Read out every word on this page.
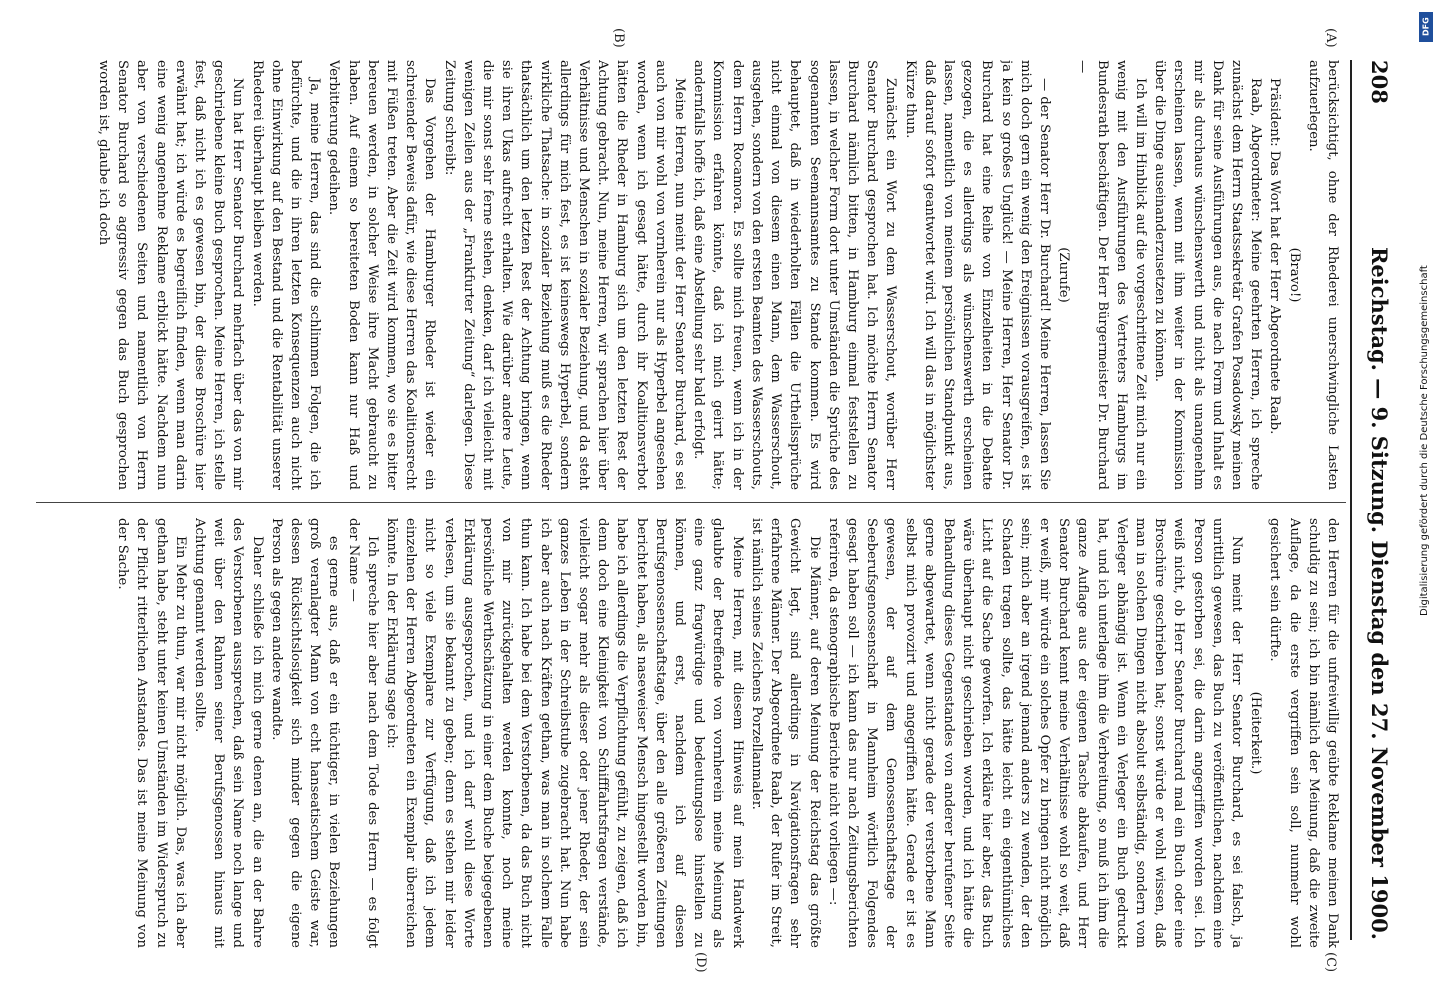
208
Reichstag. — 9. Sitzung. Dienstag den 27. November 1900.
(A)
(B)
(C)
(D)

berücksichtigt, ohne der Rhederei unerschwingliche Lasten aufzuerlegen.

(Bravo!)

Präsident: Das Wort hat der Herr Abgeordnete Raab.

Raab, Abgeordneter: Meine geehrten Herren, ich spreche zunächst dem Herrn Staatssekretär Grafen Posadowsky meinen Dank für seine Ausführungen aus, die nach Form und Inhalt es mir als durchaus wünschenswerth und nicht als unangenehm erscheinen lassen, wenn mit ihm weiter in der Kommission über die Dinge auseinanderzusetzen zu können.

Ich will im Hinblick auf die vorgeschrittene Zeit mich nur ein wenig mit den Ausführungen des Vertreters Hamburgs im Bundesrath beschäftigen. Der Herr Bürgermeister Dr. Burchard —

(Zurufe)

— der Senator Herr Dr. Burchard! Meine Herren, lassen Sie mich doch gern ein wenig den Ereignissen vorausgreifen, es ist ja kein so großes Unglück! — Meine Herren, Herr Senator Dr. Burchard hat eine Reihe von Einzelheiten in die Debatte gezogen, die es allerdings als wünschenswerth erscheinen lassen, namentlich von meinem persönlichen Standpunkt aus, daß darauf sofort geantwortet wird. Ich will das in möglichster Kürze thun.

Zunächst ein Wort zu dem Wasserschout, worüber Herr Senator Burchard gesprochen hat. Ich möchte Herrn Senator Burchard nämlich bitten, in Hamburg einmal feststellen zu lassen, in welcher Form dort unter Umständen die Sprüche des sogenannten Seemannsamtes zu Stande kommen. Es wird behauptet, daß in wiederholten Fällen die Urtheilssprüche nicht einmal von diesem einen Mann, dem Wasserschout, ausgehen, sondern von den ersten Beamten des Wasserschouts, dem Herrn Rocamora. Es sollte mich freuen, wenn ich in der Kommission erfahren könnte, daß ich mich geirrt hätte; andernfalls hoffe ich, daß eine Abstellung sehr bald erfolgt.

Meine Herren, nun meint der Herr Senator Burchard, es sei auch von mir wohl von vornherein nur als Hyperbel angesehen worden, wenn ich gesagt hätte, durch ihr Koalitionsverbot hätten die Rheder in Hamburg sich um den letzten Rest der Achtung gebracht. Nun, meine Herren, wir sprachen hier über Verhältnisse und Menschen in sozialer Beziehung, und da steht allerdings für mich fest, es ist keineswegs Hyperbel, sondern wirkliche Thatsache: in sozialer Beziehung muß es die Rheder thatsächlich um den letzten Rest der Achtung bringen, wenn sie ihren Ukas aufrecht erhalten. Wie darüber andere Leute, die mir sonst sehr ferne stehen, denken, darf ich vielleicht mit wenigen Zeilen aus der „Frankfurter Zeitung“ darlegen. Diese Zeitung schreibt:

Das Vorgehen der Hamburger Rheder ist wieder ein schreiender Beweis dafür, wie diese Herren das Koalitionsrecht mit Füßen treten. Aber die Zeit wird kommen, wo sie es bitter bereuen werden, in solcher Weise ihre Macht gebraucht zu haben. Auf einem so bereiteten Boden kann nur Haß und Verbitterung gedeihen.

Ja, meine Herren, das sind die schlimmen Folgen, die ich befürchte, und die in ihren letzten Konsequenzen auch nicht ohne Einwirkung auf den Bestand und die Rentabilität unserer Rhederei überhaupt bleiben werden.

Nun hat Herr Senator Burchard mehrfach über das von mir geschriebene kleine Buch gesprochen. Meine Herren, ich stelle fest, daß nicht ich es gewesen bin, der diese Broschüre hier erwähnt hat; ich würde es begreiflich finden, wenn man darin eine wenig angenehme Reklame erblickt hätte. Nachdem nun aber von verschiedenen Seiten und namentlich von Herrn Senator Burchard so aggressiv gegen das Buch gesprochen worden ist, glaube ich doch

den Herren für die unfreiwillig geübte Reklame meinen Dank schuldig zu sein; ich bin nämlich der Meinung, daß die zweite Auflage, da die erste vergriffen sein soll, nunmehr wohl gesichert sein dürfte.

(Heiterkeit.)

Nun meint der Herr Senator Burchard, es sei falsch, ja unrittlich gewesen, das Buch zu veröffentlichen, nachdem eine Person gestorben sei, die darin angegriffen worden sei. Ich weiß nicht, ob Herr Senator Burchard mal ein Buch oder eine Broschüre geschrieben hat; sonst würde er wohl wissen, daß man in solchen Dingen nicht absolut selbständig, sondern vom Verleger abhängig ist. Wenn ein Verleger ein Buch gedruckt hat, und ich unterlage ihm die Verbreitung, so muß ich ihm die ganze Auflage aus der eigenen Tasche abkaufen, und Herr Senator Burchard kennt meine Verhältnisse wohl so weit, daß er weiß, mir würde ein solches Opfer zu bringen nicht möglich sein; mich aber an irgend jemand anders zu wenden, der den Schaden tragen sollte, das hätte leicht ein eigenthümliches Licht auf die Sache geworfen. Ich erkläre hier aber, das Buch wäre überhaupt nicht geschrieben worden, und ich hätte die Behandlung dieses Gegenstandes von anderer berufener Seite gerne abgewartet, wenn nicht gerade der verstorbene Mann selbst mich provozirt und angegriffen hätte. Gerade er ist es gewesen, der auf dem Genossenschaftstage der Seeberufsgenossenschaft in Mannheim wörtlich Folgendes gesagt haben soll — ich kann das nur nach Zeitungsberichten referiren, da stenographische Berichte nicht vorliegen —:

Die Männer, auf deren Meinung der Reichstag das größte Gewicht legt, sind allerdings in Navigationsfragen sehr erfahrene Männer. Der Abgeordnete Raab, der Rufer im Streit, ist nämlich seines Zeichens Porzellanmaler.

Meine Herren, mit diesem Hinweis auf mein Handwerk glaubte der Betreffende von vornherein meine Meinung als eine ganz fragwürdige und bedeutungslose hinstellen zu können, und erst, nachdem ich auf diesen Berufsgenossenschaftstage, über den alle größeren Zeitungen berichtet haben, als naseweiser Mensch hingestellt worden bin, habe ich allerdings die Verpflichtung gefühlt, zu zeigen, daß ich denn doch eine Kleinigkeit von Schifffahrtsfragen verstände, vielleicht sogar mehr als dieser oder jener Rheder, der sein ganzes Leben in der Schreibstube zugebracht hat. Nun habe ich aber auch nach Kräften gethan, was man in solchem Falle thun kann. Ich habe bei dem Verstorbenen, da das Buch nicht von mir zurückgehalten werden konnte, noch meine persönliche Werthschätzung in einer dem Buche beigegebenen Erklärung ausgesprochen, und ich darf wohl diese Worte verlesen, um sie bekannt zu geben; denn es stehen mir leider nicht so viele Exemplare zur Verfügung, daß ich jedem einzelnen der Herren Abgeordneten ein Exemplar überreichen könnte. In der Erklärung sage ich:

Ich spreche hier aber nach dem Tode des Herrn — es folgt der Name —

es gerne aus, daß er ein tüchtiger, in vielen Beziehungen groß veranlagter Mann von echt hanseatischem Geiste war, dessen Rücksichtslosigkeit sich minder gegen die eigene Person als gegen andere wandte.

Daher schließe ich mich gerne denen an, die an der Bahre des Verstorbenen aussprechen, daß sein Name noch lange und weit über den Rahmen seiner Berufsgenossen hinaus mit Achtung genannt werden sollte.

Ein Mehr zu thun, war mir nicht möglich. Das, was ich aber gethan habe, steht unter keinen Umständen im Widerspruch zu der Pflicht ritterlichen Anstandes. Das ist meine Meinung von der Sache.

DFG
Digitalisierung gefördert durch die Deutsche Forschungsgemeinschaft
